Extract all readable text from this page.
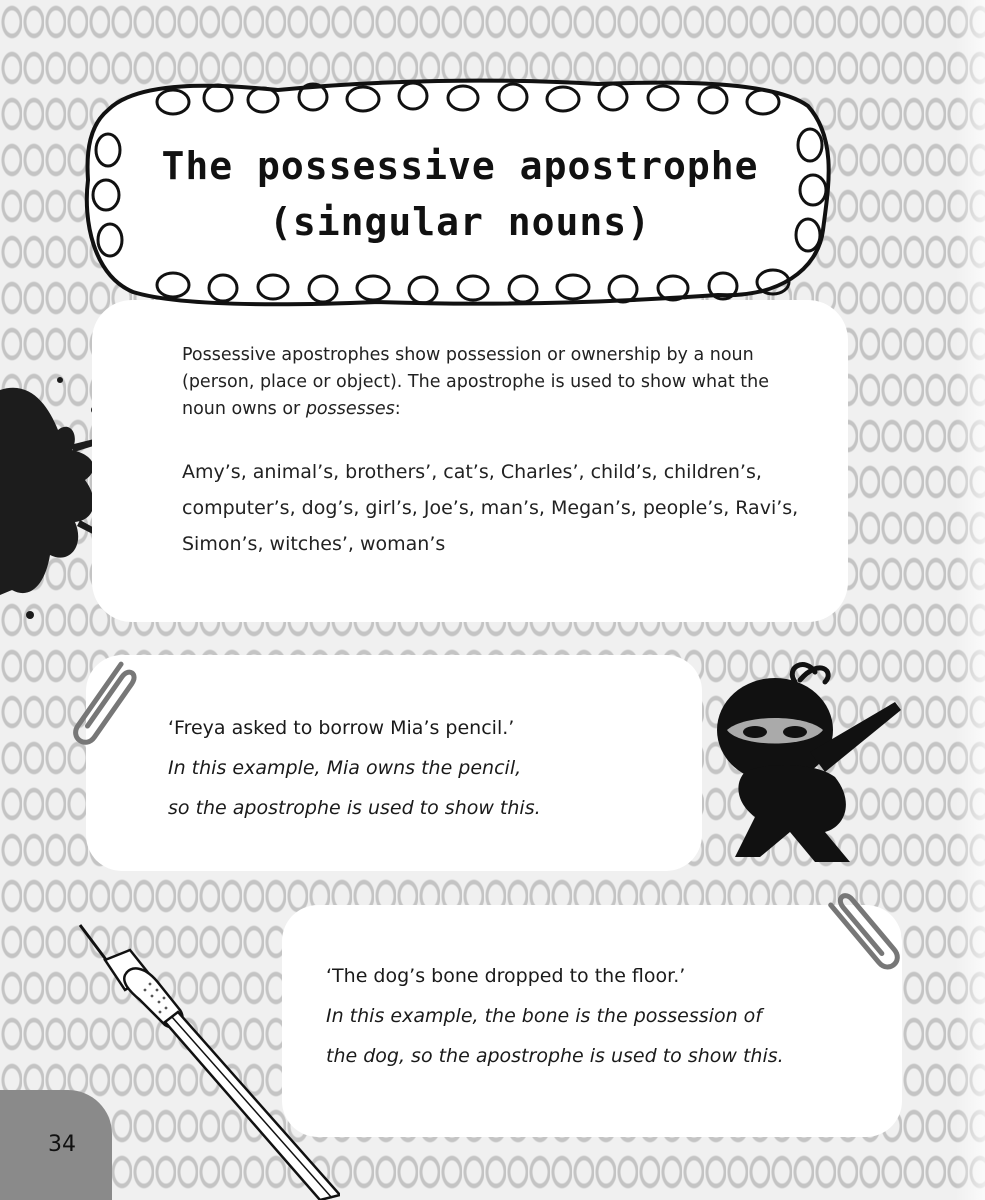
The possessive apostrophe
(singular nouns)
Possessive apostrophes show possession or ownership by a noun (person, place or object). The apostrophe is used to show what the noun owns or possesses:
Amy’s, animal’s, brothers’, cat’s, Charles’, child’s, children’s, computer’s, dog’s, girl’s, Joe’s, man’s, Megan’s, people’s, Ravi’s, Simon’s, witches’, woman’s
‘Freya asked to borrow Mia’s pencil.’
In this example, Mia owns the pencil,
so the apostrophe is used to show this.
‘The dog’s bone dropped to the floor.’
In this example, the bone is the possession of
the dog, so the apostrophe is used to show this.
34
